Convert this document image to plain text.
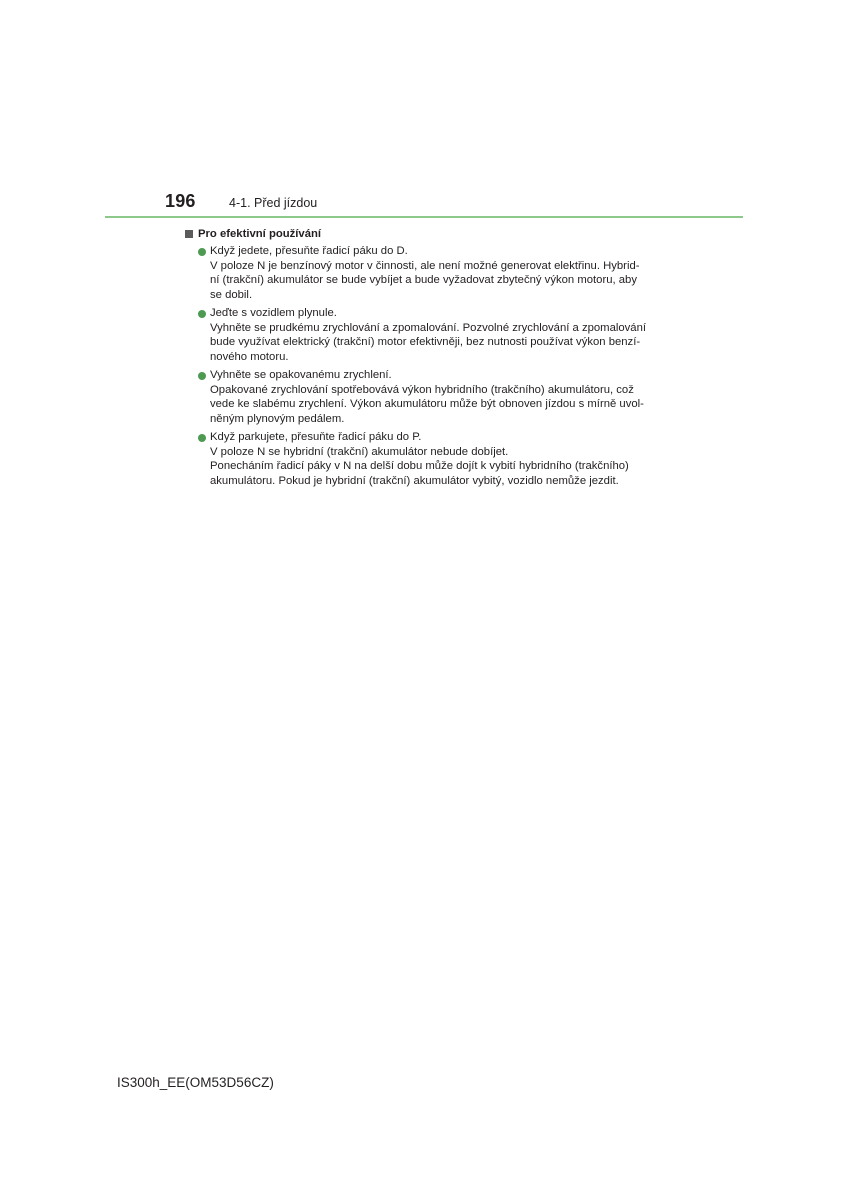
196	4-1. Před jízdou
Pro efektivní používání
Když jedete, přesuňte řadicí páku do D.
V poloze N je benzínový motor v činnosti, ale není možné generovat elektřinu. Hybrid-
ní (trakční) akumulátor se bude vybíjet a bude vyžadovat zbytečný výkon motoru, aby
se dobil.
Jeďte s vozidlem plynule.
Vyhněte se prudkému zrychlování a zpomalování. Pozvolné zrychlování a zpomalování
bude využívat elektrický (trakční) motor efektivněji, bez nutnosti používat výkon benzí-
nového motoru.
Vyhněte se opakovanému zrychlení.
Opakované zrychlování spotřebovává výkon hybridního (trakčního) akumulátoru, což
vede ke slabému zrychlení. Výkon akumulátoru může být obnoven jízdou s mírně uvol-
něným plynovým pedálem.
Když parkujete, přesuňte řadicí páku do P.
V poloze N se hybridní (trakční) akumulátor nebude dobíjet.
Ponecháním řadicí páky v N na delší dobu může dojít k vybití hybridního (trakčního)
akumulátoru. Pokud je hybridní (trakční) akumulátor vybitý, vozidlo nemůže jezdit.
IS300h_EE(OM53D56CZ)
